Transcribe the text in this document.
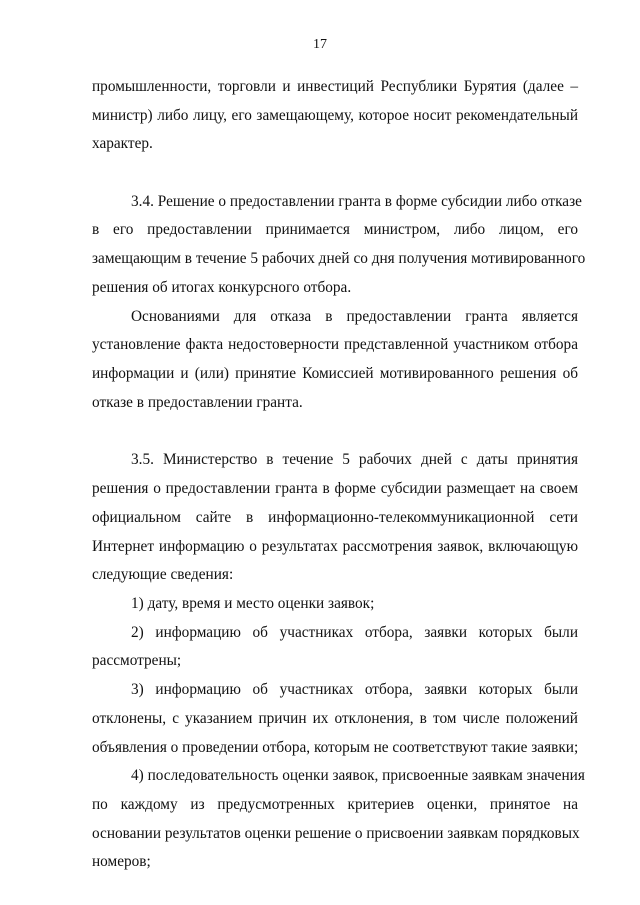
17
промышленности, торговли и инвестиций Республики Бурятия (далее –
министр) либо лицу, его замещающему, которое носит рекомендательный
характер.
3.4. Решение о предоставлении гранта в форме субсидии либо отказе
в его предоставлении принимается министром, либо лицом, его
замещающим в течение 5 рабочих дней со дня получения мотивированного
решения об итогах конкурсного отбора.
Основаниями для отказа в предоставлении гранта является
установление факта недостоверности представленной участником отбора
информации и (или) принятие Комиссией мотивированного решения об
отказе в предоставлении гранта.
3.5. Министерство в течение 5 рабочих дней с даты принятия
решения о предоставлении гранта в форме субсидии размещает на своем
официальном сайте в информационно-телекоммуникационной сети
Интернет информацию о результатах рассмотрения заявок, включающую
следующие сведения:
1) дату, время и место оценки заявок;
2) информацию об участниках отбора, заявки которых были
рассмотрены;
3) информацию об участниках отбора, заявки которых были
отклонены, с указанием причин их отклонения, в том числе положений
объявления о проведении отбора, которым не соответствуют такие заявки;
4) последовательность оценки заявок, присвоенные заявкам значения
по каждому из предусмотренных критериев оценки, принятое на
основании результатов оценки решение о присвоении заявкам порядковых
номеров;
